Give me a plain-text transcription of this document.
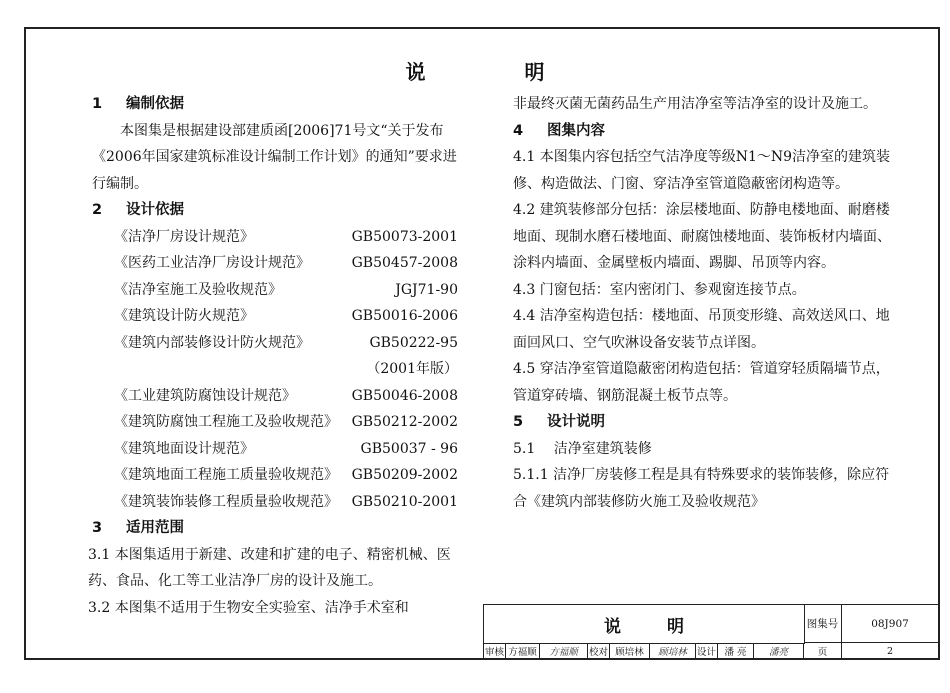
说 明
1 编制依据
本图集是根据建设部建质函[2006]71号文“关于发布《2006年国家建筑标准设计编制工作计划》的通知”要求进行编制。
2 设计依据
《洁净厂房设计规范》	GB50073-2001
《医药工业洁净厂房设计规范》	GB50457-2008
《洁净室施工及验收规范》	JGJ71-90
《建筑设计防火规范》	GB50016-2006
《建筑内部装修设计防火规范》	GB50222-95
（2001年版）
《工业建筑防腐蚀设计规范》	GB50046-2008
《建筑防腐蚀工程施工及验收规范》 GB50212-2002
《建筑地面设计规范》	GB50037 - 96
《建筑地面工程施工质量验收规范》 GB50209-2002
《建筑装饰装修工程质量验收规范》 GB50210-2001
3 适用范围
3.1 本图集适用于新建、改建和扩建的电子、精密机械、医药、食品、化工等工业洁净厂房的设计及施工。
3.2 本图集不适用于生物安全实验室、洁净手术室和
非最终灭菌无菌药品生产用洁净室等洁净室的设计及施工。
4 图集内容
4.1 本图集内容包括空气洁净度等级N1～N9洁净室的建筑装修、构造做法、门窗、穿洁净室管道隐蔽密闭构造等。
4.2 建筑装修部分包括：涂层楼地面、防静电楼地面、耐磨楼地面、现制水磨石楼地面、耐腐蚀楼地面、装饰板材内墙面、涂料内墙面、金属壁板内墙面、踢脚、吊顶等内容。
4.3 门窗包括：室内密闭门、参观窗连接节点。
4.4 洁净室构造包括：楼地面、吊顶变形缝、高效送风口、地面回风口、空气吹淋设备安装节点详图。
4.5 穿洁净室管道隐蔽密闭构造包括：管道穿轻质隔墙节点，管道穿砖墙、钢筋混凝土板节点等。
5 设计说明
5.1　 洁净室建筑装修
5.1.1 洁净厂房装修工程是具有特殊要求的装饰装修，除应符合《建筑内部装修防火施工及验收规范》
说 明	图集号	08J907
审核 方福顺	方福顺	校对 顾培林	顾培林	设计 潘 亮	潘亮	页	2
